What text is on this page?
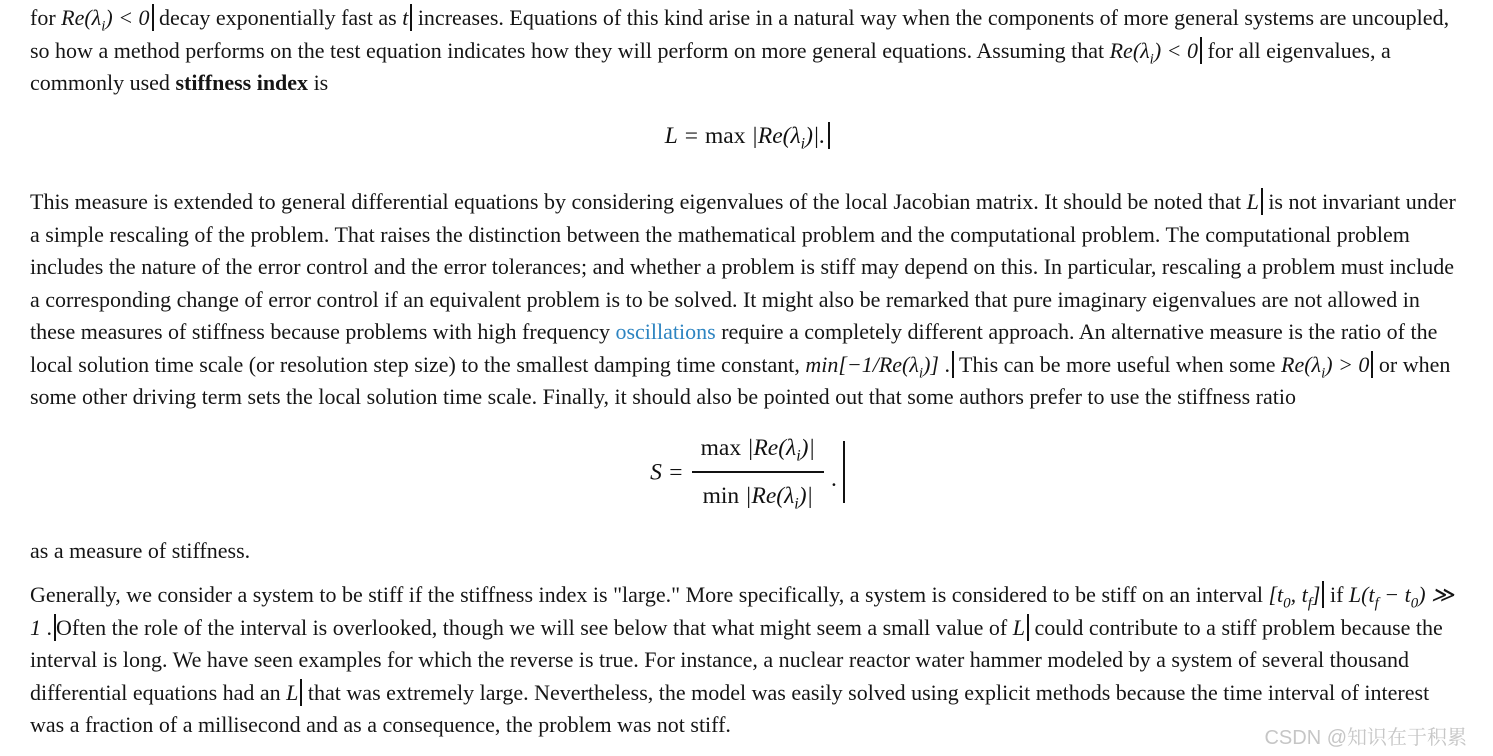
for $Re(\lambda_i) < 0$ decay exponentially fast as t increases. Equations of this kind arise in a natural way when the components of more general systems are uncoupled, so how a method performs on the test equation indicates how they will perform on more general equations. Assuming that $Re(\lambda_i) < 0$ for all eigenvalues, a commonly used stiffness index is

$L = \max |Re(\lambda_i)|$.

This measure is extended to general differential equations by considering eigenvalues of the local Jacobian matrix. It should be noted that L is not invariant under a simple rescaling of the problem. That raises the distinction between the mathematical problem and the computational problem. The computational problem includes the nature of the error control and the error tolerances; and whether a problem is stiff may depend on this. In particular, rescaling a problem must include a corresponding change of error control if an equivalent problem is to be solved. It might also be remarked that pure imaginary eigenvalues are not allowed in these measures of stiffness because problems with high frequency oscillations require a completely different approach. An alternative measure is the ratio of the local solution time scale (or resolution step size) to the smallest damping time constant, $\min[-1/Re(\lambda_i)]$ . This can be more useful when some $Re(\lambda_i) > 0$ or when some other driving term sets the local solution time scale. Finally, it should also be pointed out that some authors prefer to use the stiffness ratio

$S = \frac{\max |Re(\lambda_i)|}{\min |Re(\lambda_i)|}$ .

as a measure of stiffness.

Generally, we consider a system to be stiff if the stiffness index is "large." More specifically, a system is considered to be stiff on an interval [$t_0$, $t_f$] if $L(t_f - t_0)$ ≫ 1 . Often the role of the interval is overlooked, though we will see below that what might seem a small value of L could contribute to a stiff problem because the interval is long. We have seen examples for which the reverse is true. For instance, a nuclear reactor water hammer modeled by a system of several thousand differential equations had an L that was extremely large. Nevertheless, the model was easily solved using explicit methods because the time interval of interest was a fraction of a millisecond and as a consequence, the problem was not stiff.

CSDN @知识在于积累
